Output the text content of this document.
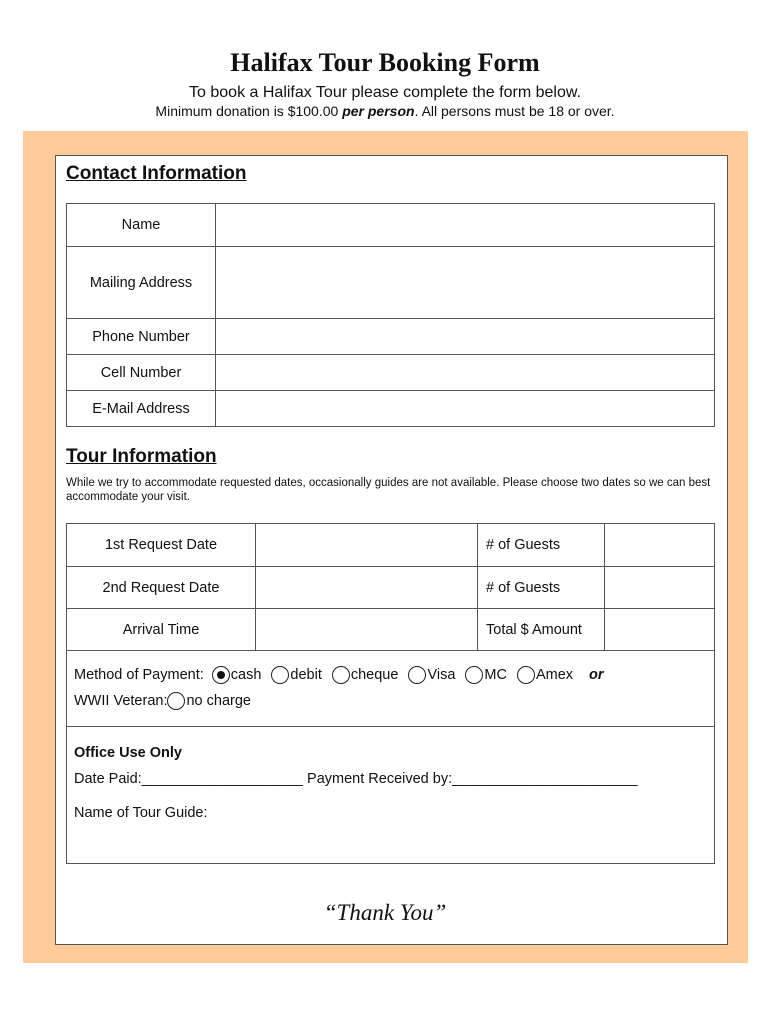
Halifax Tour Booking Form
To book a Halifax Tour please complete the form below.
Minimum donation is $100.00 per person. All persons must be 18 or over.
Contact Information
Name	
Mailing Address	
Phone Number	
Cell Number	
E-Mail Address	
Tour Information
While we try to accommodate requested dates, occasionally guides are not available. Please choose two dates so we can best accommodate your visit.
1st Request Date		# of Guests	
2nd Request Date		# of Guests	
Arrival Time		Total $ Amount	
Method of Payment: cash debit cheque Visa MC Amex or
WWII Veteran: no charge
Office Use Only
Date Paid:____________________ Payment Received by:_______________________
Name of Tour Guide:
“Thank You”
